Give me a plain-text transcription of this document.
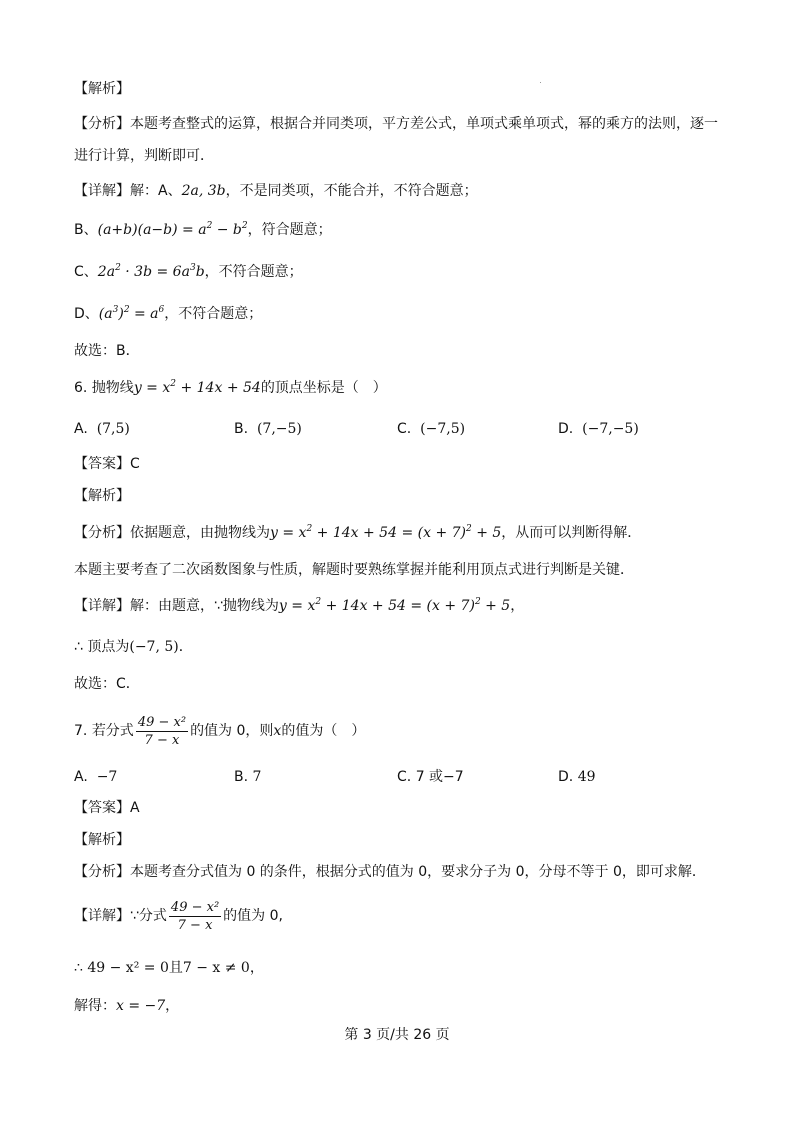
【解析】
【分析】本题考查整式的运算，根据合并同类项，平方差公式，单项式乘单项式，幂的乘方的法则，逐一
进行计算，判断即可．
【详解】解：A、2a, 3b，不是同类项，不能合并，不符合题意；
B、$(a+b)(a-b) = a^2 - b^2$，符合题意；
C、$2a^2 \cdot 3b = 6a^3b$，不符合题意；
D、$(a^3)^2 = a^6$，不符合题意；
故选：B．
6. 抛物线$y = x^2 + 14x + 54$的顶点坐标是（　）
A. (7,5)	B. (7,−5)	C. (−7,5)	D. (−7,−5)
【答案】C
【解析】
【分析】依据题意，由抛物线为$y = x^2 + 14x + 54 = (x + 7)^2 + 5$，从而可以判断得解．
本题主要考查了二次函数图象与性质，解题时要熟练掌握并能利用顶点式进行判断是关键．
【详解】解：由题意，∵抛物线为$y = x^2 + 14x + 54 = (x + 7)^2 + 5$，
∴ 顶点为(−7, 5)．
故选：C．
7. 若分式 $\frac{\text{49 − x²}}{7 - x}$ 的值为 0，则x的值为（　）
A. −7	B. 7	C. 7 或−7	D. 49
【答案】A
【解析】
【分析】本题考查分式值为 0 的条件，根据分式的值为 0，要求分子为 0，分母不等于 0，即可求解．
【详解】∵分式 $\frac{\text{49 − x²}}{7 - x}$ 的值为 0,
∴ 49 − x² = 0且7 − x ≠ 0，
解得：x = −7，
第 3 页/共 26 页
